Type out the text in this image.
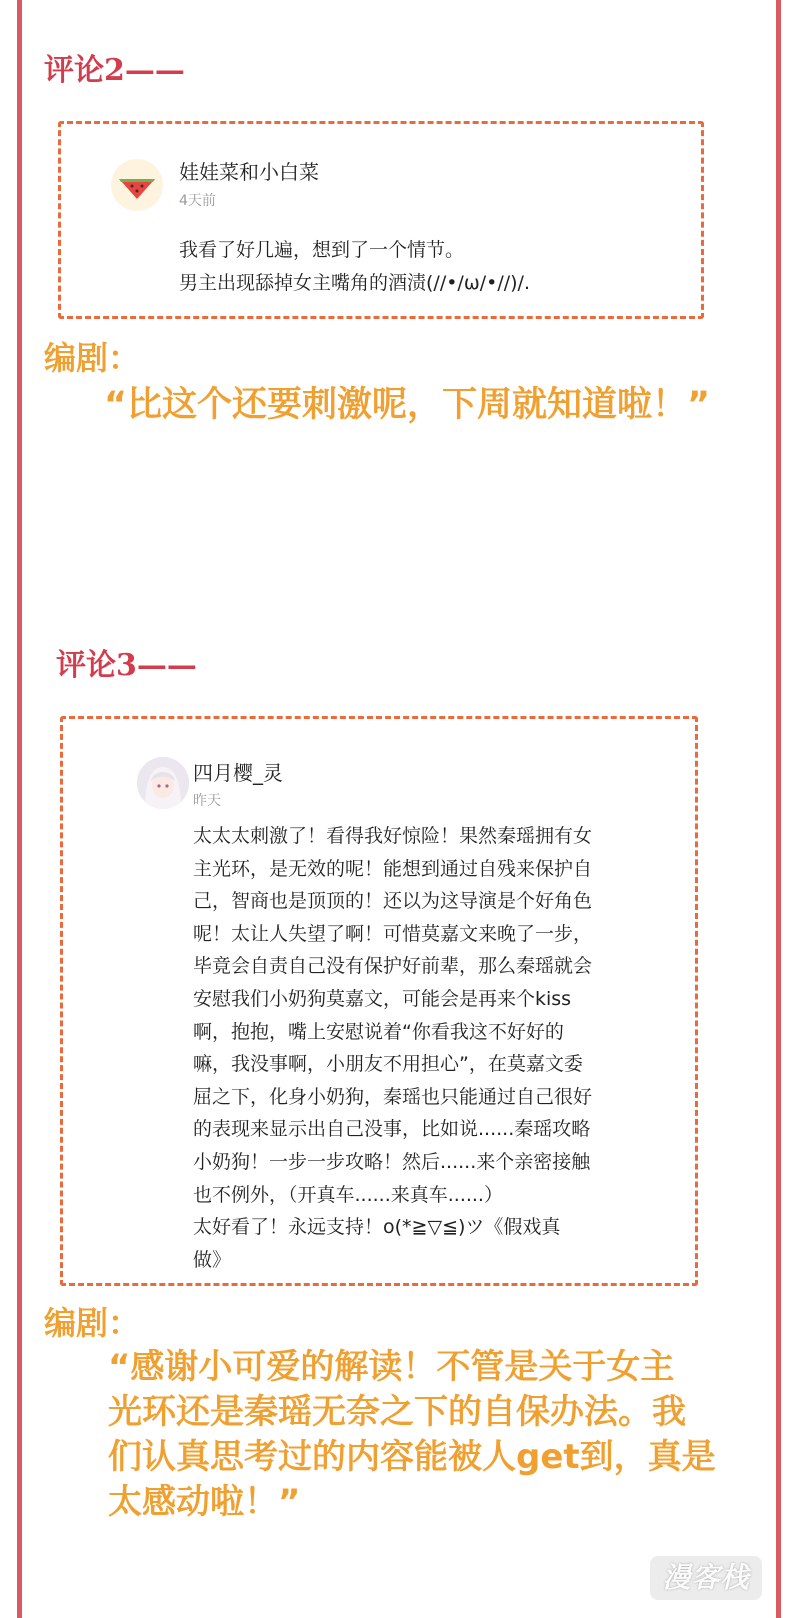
评论2——
娃娃菜和小白菜
4天前

我看了好几遍，想到了一个情节。

男主出现舔掉女主嘴角的酒渍(//•/ω/•//)/.

编剧：

“比这个还要刺激呢，下周就知道啦！”

评论3——
四月樱_灵
昨天

太太太刺激了！看得我好惊险！果然秦瑶拥有女

主光环，是无效的呢！能想到通过自残来保护自

己，智商也是顶顶的！还以为这导演是个好角色

呢！太让人失望了啊！可惜莫嘉文来晚了一步，

毕竟会自责自己没有保护好前辈，那么秦瑶就会

安慰我们小奶狗莫嘉文，可能会是再来个kiss

啊，抱抱，嘴上安慰说着“你看我这不好好的

嘛，我没事啊，小朋友不用担心”，在莫嘉文委

屈之下，化身小奶狗，秦瑶也只能通过自己很好

的表现来显示出自己没事，比如说......秦瑶攻略

小奶狗！一步一步攻略！然后......来个亲密接触

也不例外，（开真车......来真车......）

太好看了！永远支持！o(*≧▽≦)ツ《假戏真

做》

编剧：

“感谢小可爱的解读！不管是关于女主

光环还是秦瑶无奈之下的自保办法。我

们认真思考过的内容能被人get到，真是

太感动啦！”

漫客栈
